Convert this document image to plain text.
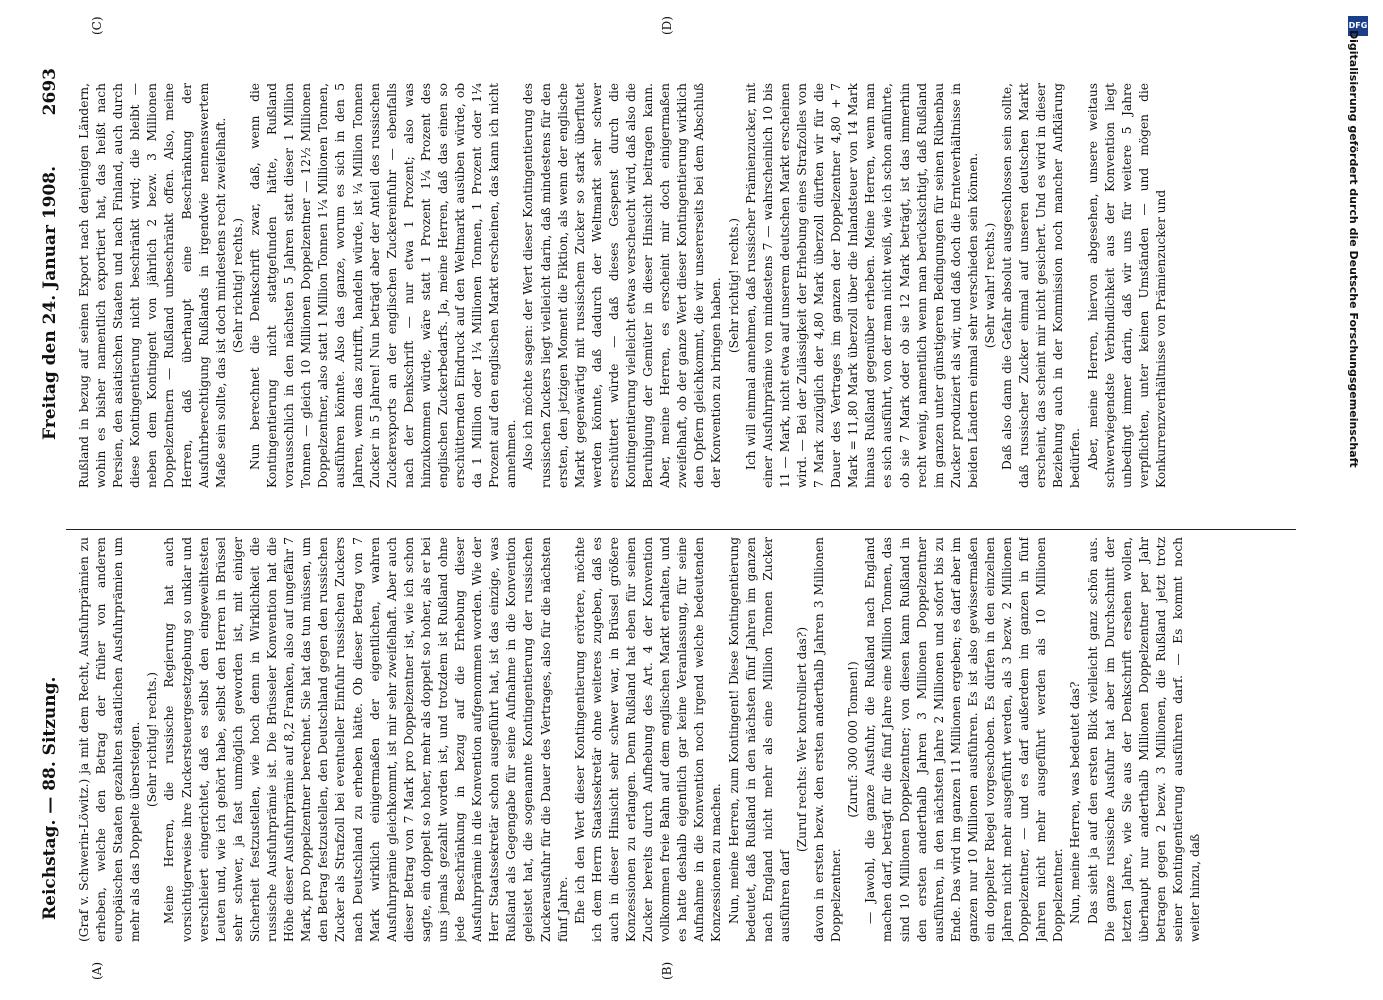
Reichstag. — 88. Sitzung.
Freitag den 24. Januar 1908.
2693
(A)	(B)
(C)	(D)

(Graf v. Schwerin-Löwitz.) ja mit dem Recht, Ausfuhrprämien zu erheben, welche den Betrag der früher von anderen europäischen Staaten gezahlten staatlichen Ausfuhrprämien um mehr als das Doppelte übersteigen. (Sehr richtig! rechts.) Meine Herren, die russische Regierung hat auch vorsichtigerweise ihre Zuckersteuergesetzgebung so unklar und verschleiert eingerichtet, daß es selbst den eingeweihtesten Leuten und, wie ich gehört habe, selbst den Herren in Brüssel sehr schwer, ja fast unmöglich geworden ist, mit einiger Sicherheit festzustellen, wie hoch denn in Wirklichkeit die russische Ausfuhrprämie ist. Die Brüsseler Konvention hat die Höhe dieser Ausfuhrprämie auf 8,2 Franken, also auf ungefähr 7 Mark, pro Doppelzentner berechnet. Sie hat das tun müssen, um den Betrag festzustellen, den Deutschland gegen den russischen Zucker als Strafzoll bei eventueller Einfuhr russischen Zuckers nach Deutschland zu erheben hätte. Ob dieser Betrag von 7 Mark wirklich einigermaßen der eigentlichen, wahren Ausfuhrprämie gleichkommt, ist mir sehr zweifelhaft. Aber auch dieser Betrag von 7 Mark pro Doppelzentner ist, wie ich schon sagte, ein doppelt so hoher, mehr als doppelt so hoher, als er bei uns jemals gezahlt worden ist, und trotzdem ist Rußland ohne jede Beschränkung in bezug auf die Erhebung dieser Ausfuhrprämie in die Konvention aufgenommen worden. Wie der Herr Staatssekretär schon ausgeführt hat, ist das einzige, was Rußland als Gegengabe für seine Aufnahme in die Konvention geleistet hat, die sogenannte Kontingentierung der russischen Zuckerausfuhr für die Dauer des Vertrages, also für die nächsten fünf Jahre. Ehe ich den Wert dieser Kontingentierung erörtere, möchte ich dem Herrn Staatssekretär ohne weiteres zugeben, daß es auch in dieser Hinsicht sehr schwer war, in Brüssel größere Konzessionen zu erlangen. Denn Rußland hat eben für seinen Zucker bereits durch Aufhebung des Art. 4 der Konvention vollkommen freie Bahn auf dem englischen Markt erhalten, und es hatte deshalb eigentlich gar keine Veranlassung, für seine Aufnahme in die Konvention noch irgend welche bedeutenden Konzessionen zu machen. Nun, meine Herren, zum Kontingent! Diese Kontingentierung bedeutet, daß Rußland in den nächsten fünf Jahren im ganzen nach England nicht mehr als eine Million Tonnen Zucker ausführen darf

(Zuruf rechts: Wer kontrolliert das?) davon in ersten bezw. den ersten anderthalb Jahren 3 Millionen Doppelzentner.

(Zuruf: 300 000 Tonnen!) — Jawohl, die ganze Ausfuhr, die Rußland nach England machen darf, beträgt für die fünf Jahre eine Million Tonnen, das sind 10 Millionen Doppelzentner; von diesen kann Rußland in den ersten anderthalb Jahren 3 Millionen Doppelzentner ausführen, in den nächsten Jahre 2 Millionen und sofort bis zu Ende. Das wird im ganzen 11 Millionen ergeben; es darf aber im ganzen nur 10 Millionen ausführen. Es ist also gewissermaßen ein doppelter Riegel vorgeschoben. Es dürfen in den einzelnen Jahren nicht mehr ausgeführt werden, als 3 bezw. 2 Millionen Doppelzentner, — und es darf außerdem im ganzen in fünf Jahren nicht mehr ausgeführt werden als 10 Millionen Doppelzentner. Nun, meine Herren, was bedeutet das? Das sieht ja auf den ersten Blick vielleicht ganz schön aus. Die ganze russische Ausfuhr hat aber im Durchschnitt der letzten Jahre, wie Sie aus der Denkschrift ersehen wollen, überhaupt nur anderthalb Millionen Doppelzentner per Jahr betragen gegen 2 bezw. 3 Millionen, die Rußland jetzt trotz seiner Kontingentierung ausführen darf. — Es kommt noch weiter hinzu, daß

Rußland in bezug auf seinen Export nach denjenigen Ländern, wohin es bisher namentlich exportiert hat, das heißt nach Persien, den asiatischen Staaten und nach Finland, auch durch diese Kontingentierung nicht beschränkt wird; die bleibt — neben dem Kontingent von jährlich 2 bezw. 3 Millionen Doppelzentnern — Rußland unbeschränkt offen. Also, meine Herren, daß überhaupt eine Beschränkung der Ausfuhrberechtigung Rußlands in irgendwie nennenswertem Maße sein sollte, das ist doch mindestens recht zweifelhaft. (Sehr richtig! rechts.) Nun berechnet die Denkschrift zwar, daß, wenn die Kontingentierung nicht stattgefunden hätte, Rußland vorausschlich in den nächsten 5 Jahren statt dieser 1 Million Tonnen — gleich 10 Millionen Doppelzentner — 12½ Millionen Doppelzentner, also statt 1 Million Tonnen 1¼ Millionen Tonnen, ausführen könnte. Also das ganze, worum es sich in den 5 Jahren, wenn das zutrifft, handeln würde, ist ¼ Million Tonnen Zucker in 5 Jahren! Nun beträgt aber der Anteil des russischen Zuckerexports an der englischen Zuckereinfuhr — ebenfalls nach der Denkschrift — nur etwa 1 Prozent; also was hinzukommen würde, wäre statt 1 Prozent 1¼ Prozent des englischen Zuckerbedarfs. Ja, meine Herren, daß das einen so erschütternden Eindruck auf den Weltmarkt ausüben würde, ob da 1 Million oder 1¼ Millionen Tonnen, 1 Prozent oder 1¼ Prozent auf den englischen Markt erscheinen, das kann ich nicht annehmen. Also ich möchte sagen: der Wert dieser Kontingentierung des russischen Zuckers liegt vielleicht darin, daß mindestens für den ersten, den jetzigen Moment die Fiktion, als wenn der englische Markt gegenwärtig mit russischem Zucker so stark überflutet werden könnte, daß dadurch der Weltmarkt sehr schwer erschüttert würde — daß dieses Gespenst durch die Kontingentierung vielleicht etwas verscheucht wird, daß also die Beruhigung der Gemüter in dieser Hinsicht beitragen kann. Aber, meine Herren, es erscheint mir doch einigermaßen zweifelhaft, ob der ganze Wert dieser Kontingentierung wirklich den Opfern gleichkommt, die wir unsererseits bei dem Abschluß der Konvention zu bringen haben. (Sehr richtig! rechts.) Ich will einmal annehmen, daß russischer Prämienzucker, mit einer Ausfuhrprämie von mindestens 7 — wahrscheinlich 10 bis 11 — Mark, nicht etwa auf unserem deutschen Markt erscheinen wird. — Bei der Zulässigkeit der Erhebung eines Strafzolles von 7 Mark zuzüglich der 4,80 Mark überzoll dürften wir für die Dauer des Vertrages im ganzen der Doppelzentner 4,80 + 7 Mark = 11,80 Mark überzoll über die Inlandsteuer von 14 Mark hinaus Rußland gegenüber erheben. Meine Herren, wenn man es sich ausführt, von der man nicht weiß, wie ich schon anführte, ob sie 7 Mark oder ob sie 12 Mark beträgt, ist das immerhin recht wenig, namentlich wenn man berücksichtigt, daß Rußland im ganzen unter günstigeren Bedingungen für seinen Rübenbau Zucker produziert als wir, und daß doch die Ernteverhältnisse in beiden Ländern einmal sehr verschieden sein können. (Sehr wahr! rechts.) Daß also dann die Gefahr absolut ausgeschlossen sein sollte, daß russischer Zucker einmal auf unseren deutschen Markt erscheint, das scheint mir nicht gesichert. Und es wird in dieser Beziehung auch in der Kommission noch mancher Aufklärung bedürfen. Aber, meine Herren, hiervon abgesehen, unsere weitaus schwerwiegendste Verbindlichkeit aus der Konvention liegt unbedingt immer darin, daß wir uns für weitere 5 Jahre verpflichten, unter keinen Umständen — und mögen die Konkurrenzverhältnisse von Prämienzucker und

DFG
Digitalisierung gefördert durch die Deutsche Forschungsgemeinschaft
